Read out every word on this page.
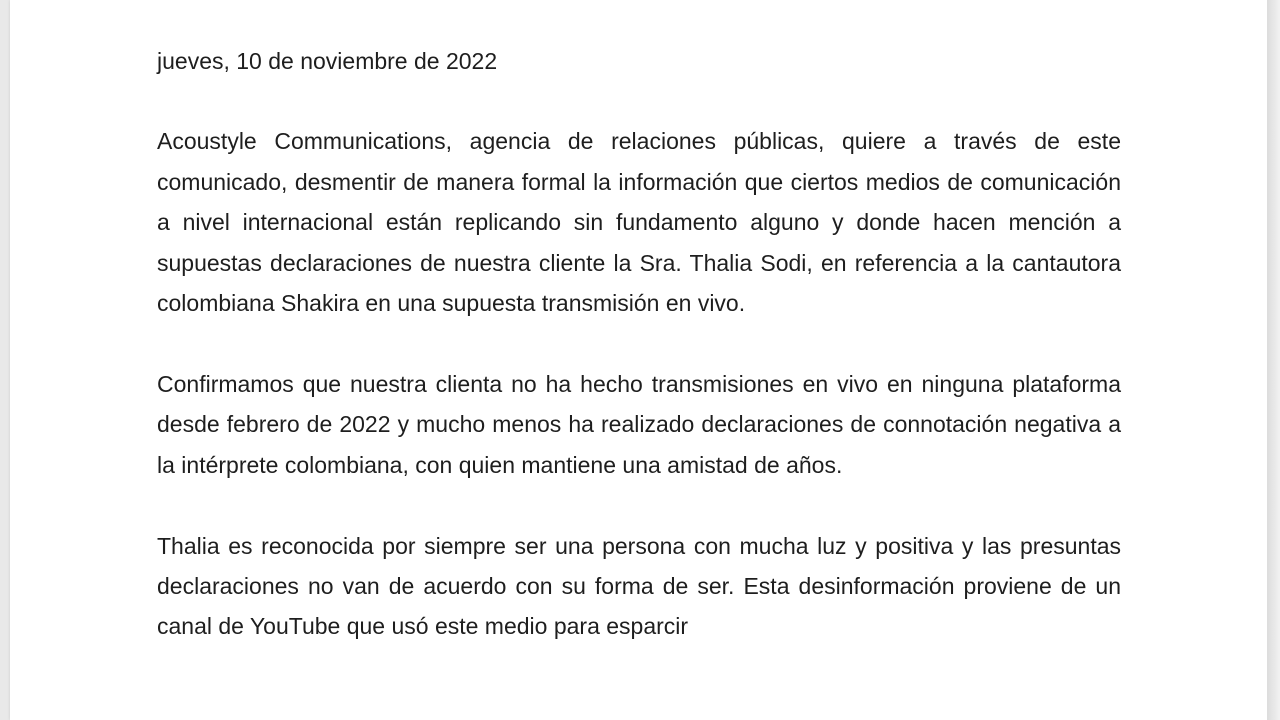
jueves, 10 de noviembre de 2022

Acoustyle Communications, agencia de relaciones públicas, quiere a través de este comunicado, desmentir de manera formal la información que ciertos medios de comunicación a nivel internacional están replicando sin fundamento alguno y donde hacen mención a supuestas declaraciones de nuestra cliente la Sra. Thalia Sodi, en referencia a la cantautora colombiana Shakira en una supuesta transmisión en vivo.

Confirmamos que nuestra clienta no ha hecho transmisiones en vivo en ninguna plataforma desde febrero de 2022 y mucho menos ha realizado declaraciones de connotación negativa a la intérprete colombiana, con quien mantiene una amistad de años.

Thalia es reconocida por siempre ser una persona con mucha luz y positiva y las presuntas declaraciones no van de acuerdo con su forma de ser. Esta desinformación proviene de un canal de YouTube que usó este medio para esparcir
